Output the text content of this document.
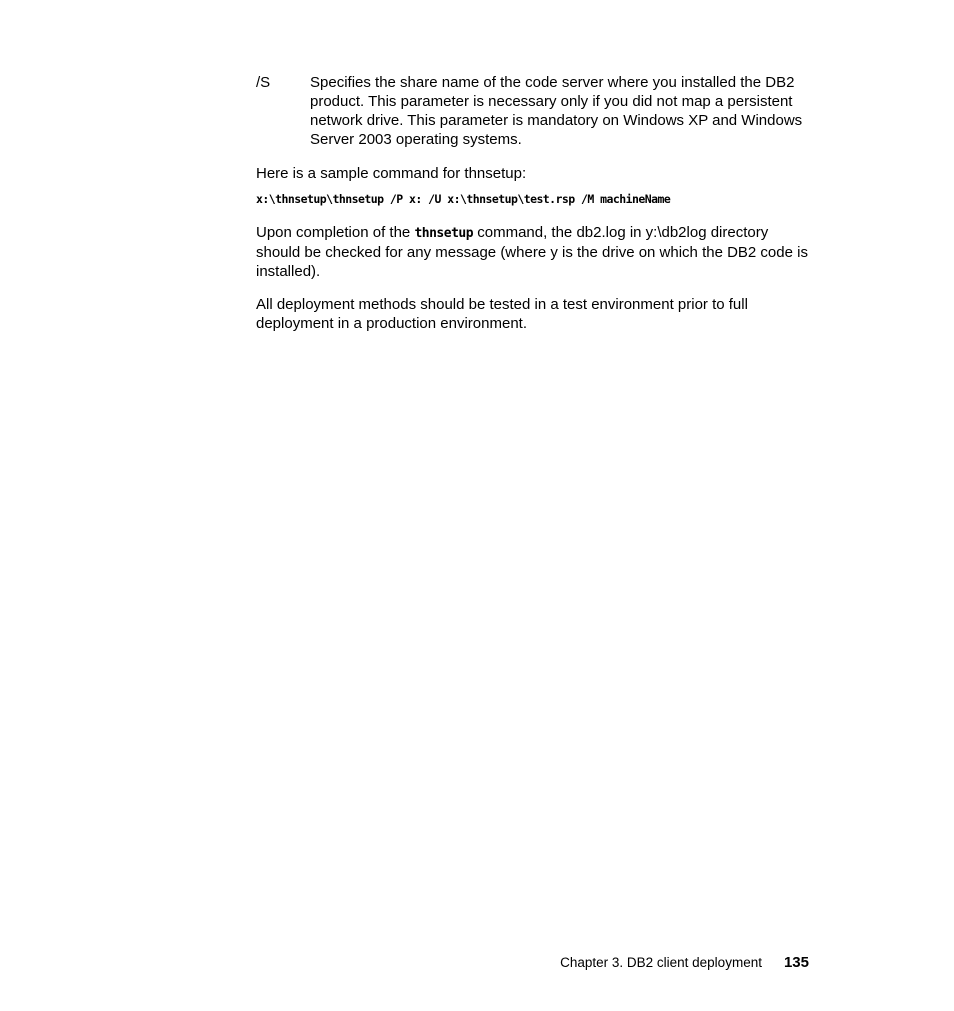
/S	Specifies the share name of the code server where you installed the DB2 product. This parameter is necessary only if you did not map a persistent network drive. This parameter is mandatory on Windows XP and Windows Server 2003 operating systems.

Here is a sample command for thnsetup:

x:\thnsetup\thnsetup /P x: /U x:\thnsetup\test.rsp /M machineName

Upon completion of the thnsetup command, the db2.log in y:\db2log directory should be checked for any message (where y is the drive on which the DB2 code is installed).

All deployment methods should be tested in a test environment prior to full deployment in a production environment.

Chapter 3. DB2 client deployment 135
